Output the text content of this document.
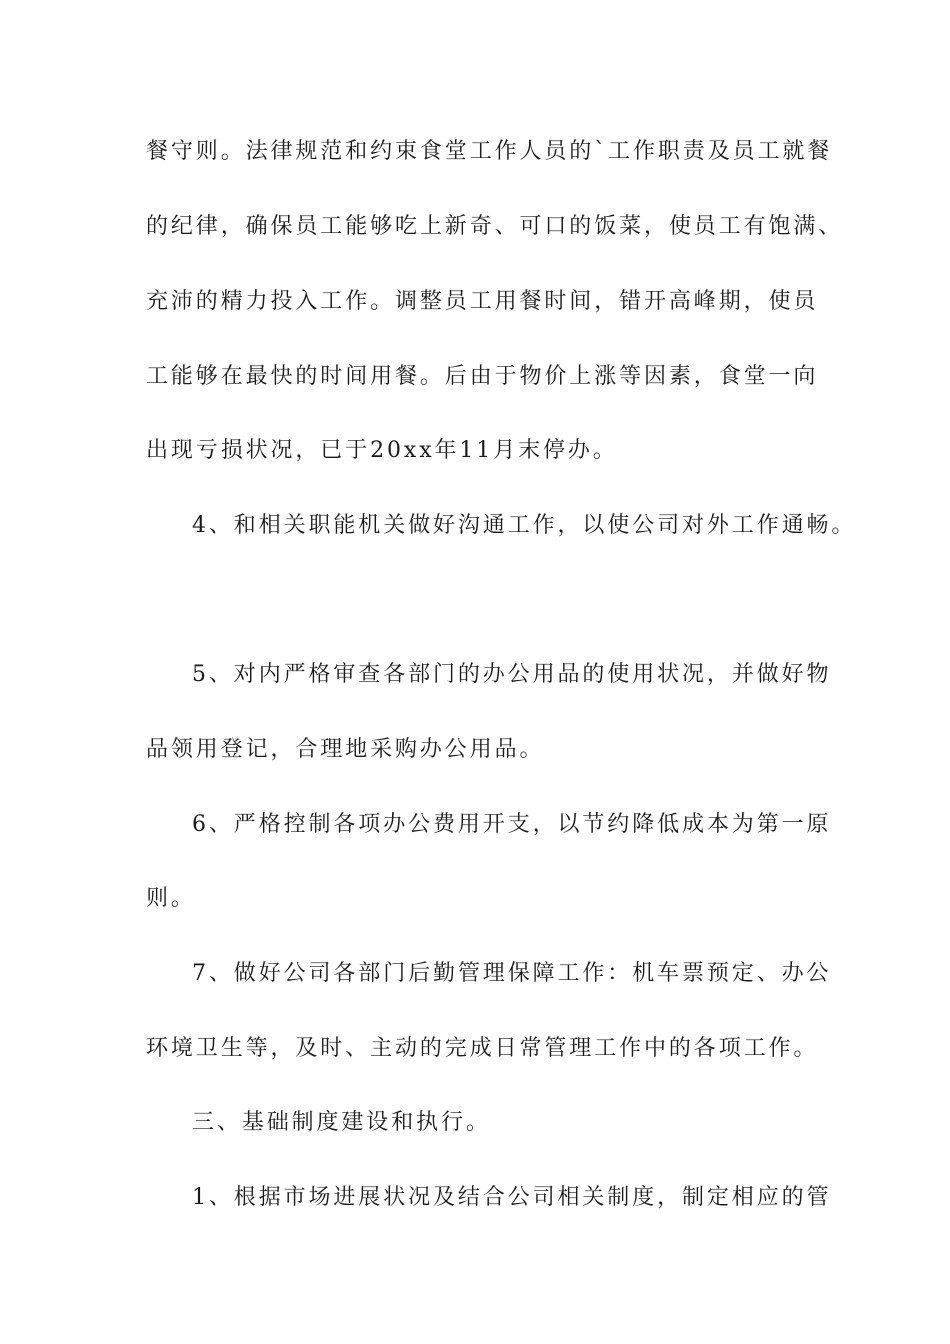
餐守则。法律规范和约束食堂工作人员的`工作职责及员工就餐
的纪律，确保员工能够吃上新奇、可口的饭菜，使员工有饱满、
充沛的精力投入工作。调整员工用餐时间，错开高峰期，使员
工能够在最快的时间用餐。后由于物价上涨等因素，食堂一向
出现亏损状况，已于20xx年11月末停办。
4、和相关职能机关做好沟通工作，以使公司对外工作通畅。
5、对内严格审查各部门的办公用品的使用状况，并做好物
品领用登记，合理地采购办公用品。
6、严格控制各项办公费用开支，以节约降低成本为第一原
则。
7、做好公司各部门后勤管理保障工作：机车票预定、办公
环境卫生等，及时、主动的完成日常管理工作中的各项工作。
三、基础制度建设和执行。
1、根据市场进展状况及结合公司相关制度，制定相应的管
